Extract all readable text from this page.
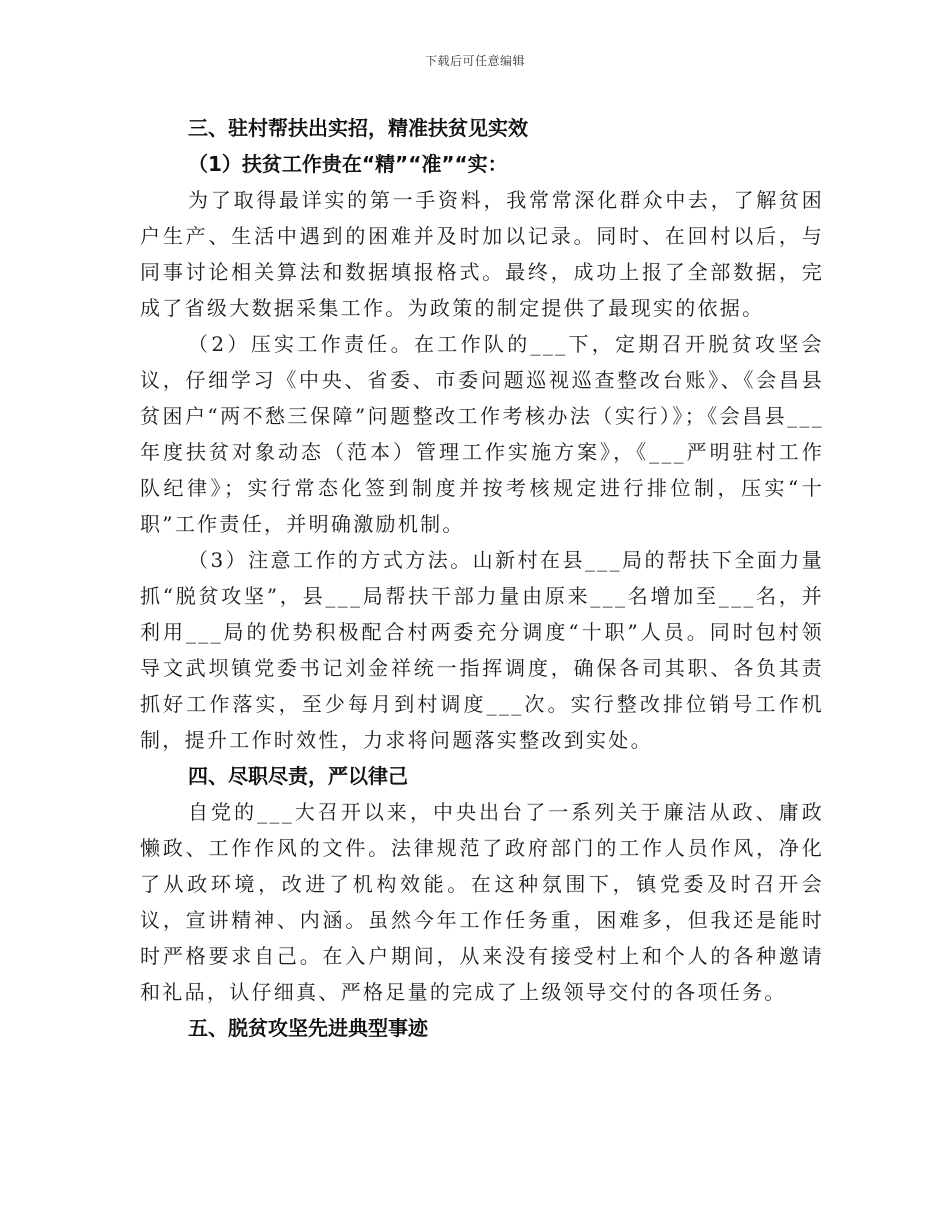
下载后可任意编辑

三、驻村帮扶出实招，精准扶贫见实效

（1）扶贫工作贵在“精”“准”“实：

为了取得最详实的第一手资料，我常常深化群众中去，了解贫困户生产、生活中遇到的困难并及时加以记录。同时、在回村以后，与同事讨论相关算法和数据填报格式。最终，成功上报了全部数据，完成了省级大数据采集工作。为政策的制定提供了最现实的依据。

（2）压实工作责任。在工作队的___下，定期召开脱贫攻坚会议，仔细学习《中央、省委、市委问题巡视巡查整改台账》、《会昌县贫困户“两不愁三保障”问题整改工作考核办法（实行）》；《会昌县___年度扶贫对象动态（范本）管理工作实施方案》，《___严明驻村工作队纪律》；实行常态化签到制度并按考核规定进行排位制，压实“十职”工作责任，并明确激励机制。

（3）注意工作的方式方法。山新村在县___局的帮扶下全面力量抓“脱贫攻坚”，县___局帮扶干部力量由原来___名增加至___名，并利用___局的优势积极配合村两委充分调度“十职”人员。同时包村领导文武坝镇党委书记刘金祥统一指挥调度，确保各司其职、各负其责抓好工作落实，至少每月到村调度___次。实行整改排位销号工作机制，提升工作时效性，力求将问题落实整改到实处。

四、尽职尽责，严以律己

自党的___大召开以来，中央出台了一系列关于廉洁从政、庸政懒政、工作作风的文件。法律规范了政府部门的工作人员作风，净化了从政环境，改进了机构效能。在这种氛围下，镇党委及时召开会议，宣讲精神、内涵。虽然今年工作任务重，困难多，但我还是能时时严格要求自己。在入户期间，从来没有接受村上和个人的各种邀请和礼品，认仔细真、严格足量的完成了上级领导交付的各项任务。

五、脱贫攻坚先进典型事迹
